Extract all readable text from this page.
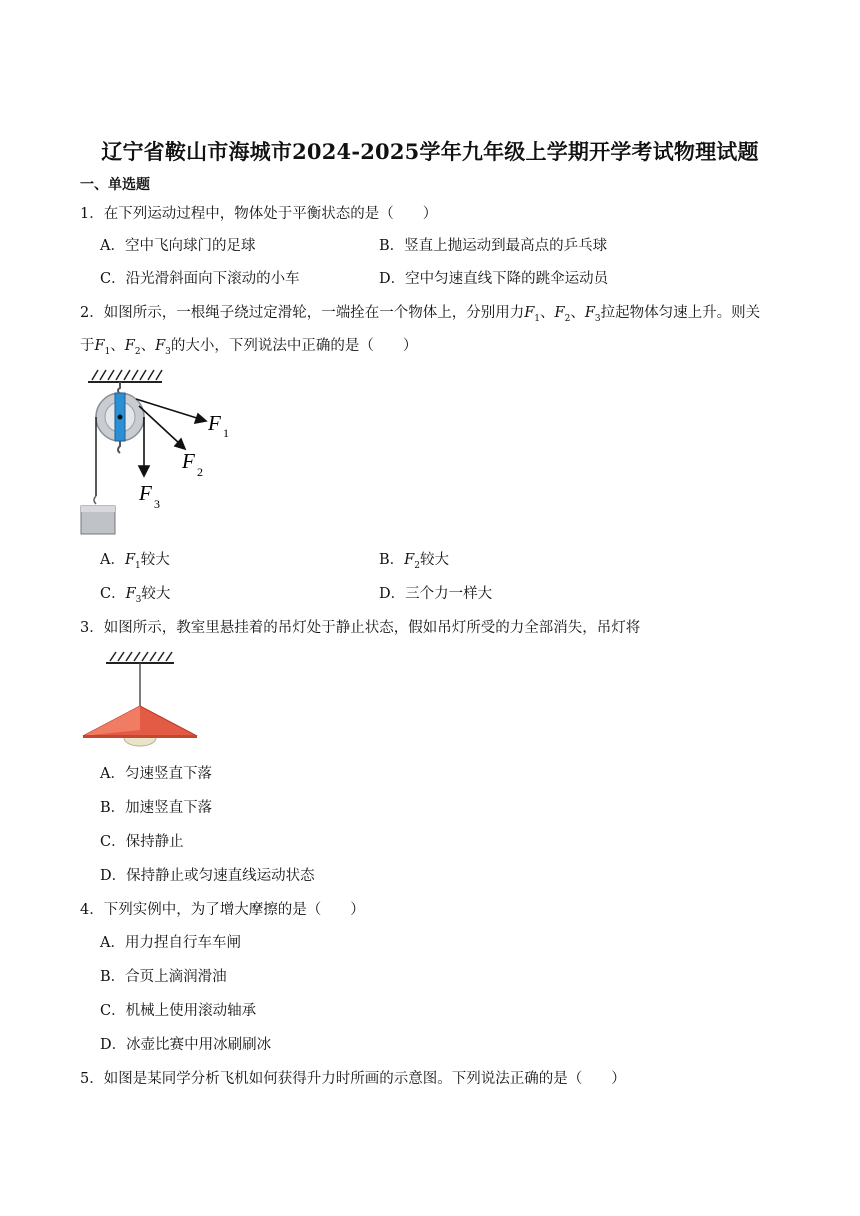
辽宁省鞍山市海城市2024-2025学年九年级上学期开学考试物理试题
一、单选题
1．在下列运动过程中，物体处于平衡状态的是（　　）
A．空中飞向球门的足球	B．竖直上抛运动到最高点的乒乓球
C．沿光滑斜面向下滚动的小车	D．空中匀速直线下降的跳伞运动员
2．如图所示，一根绳子绕过定滑轮，一端拴在一个物体上，分别用力$F_1$、$F_2$、$F_3$拉起物体匀速上升。则关
于$F_1$、$F_2$、$F_3$的大小，下列说法中正确的是（　　）
F 1
F 2
F 3
A．$F_1$较大	B．$F_2$较大
C．$F_3$较大	D．三个力一样大
3．如图所示，教室里悬挂着的吊灯处于静止状态，假如吊灯所受的力全部消失，吊灯将
A．匀速竖直下落
B．加速竖直下落
C．保持静止
D．保持静止或匀速直线运动状态
4．下列实例中，为了增大摩擦的是（　　）
A．用力捏自行车车闸
B．合页上滴润滑油
C．机械上使用滚动轴承
D．冰壶比赛中用冰刷刷冰
5．如图是某同学分析飞机如何获得升力时所画的示意图。下列说法正确的是（　　）
